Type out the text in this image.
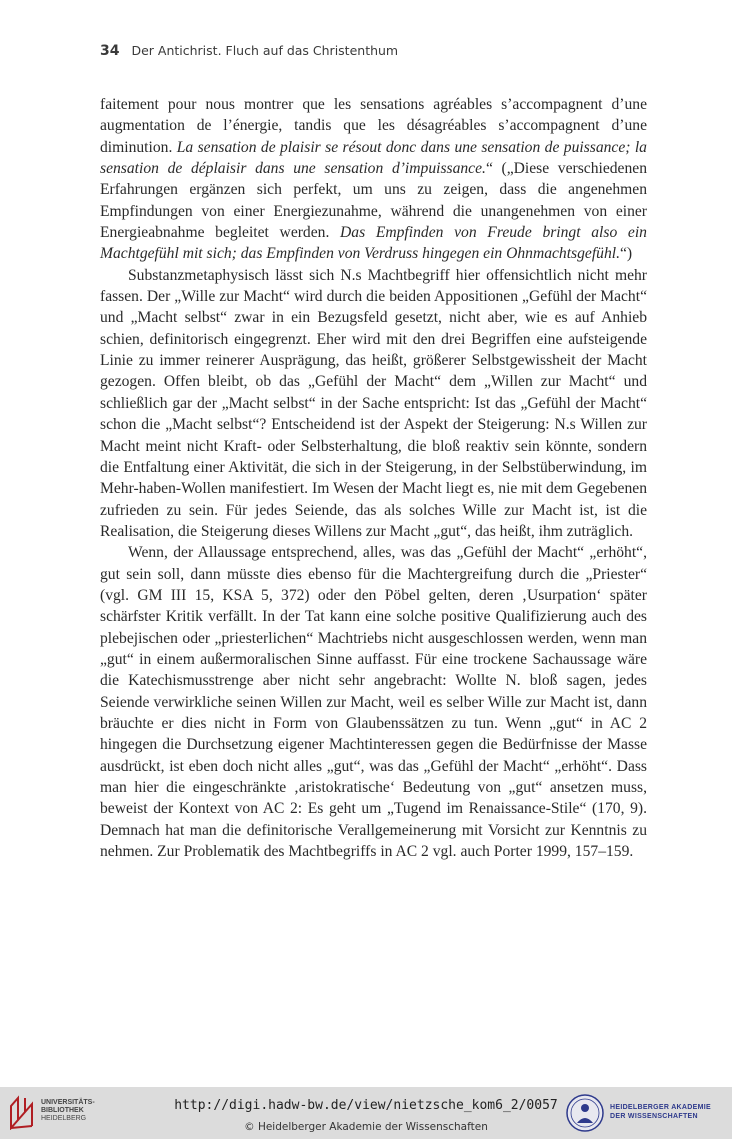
34 Der Antichrist. Fluch auf das Christenthum

faitement pour nous montrer que les sensations agréables s’accompagnent d’une augmentation de l’énergie, tandis que les désagréables s’accompagnent d’une diminution. La sensation de plaisir se résout donc dans une sensation de puissance; la sensation de déplaisir dans une sensation d’impuissance.“ („Diese verschiedenen Erfahrungen ergänzen sich perfekt, um uns zu zeigen, dass die angenehmen Empfindungen von einer Energiezunahme, während die unangenehmen von einer Energieabnahme begleitet werden. Das Empfinden von Freude bringt also ein Machtgefühl mit sich; das Empfinden von Verdruss hingegen ein Ohnmachtsgefühl.“)

Substanzmetaphysisch lässt sich N.s Machtbegriff hier offensichtlich nicht mehr fassen. Der „Wille zur Macht“ wird durch die beiden Appositionen „Gefühl der Macht“ und „Macht selbst“ zwar in ein Bezugsfeld gesetzt, nicht aber, wie es auf Anhieb schien, definitorisch eingegrenzt. Eher wird mit den drei Begriffen eine aufsteigende Linie zu immer reinerer Ausprägung, das heißt, größerer Selbstgewissheit der Macht gezogen. Offen bleibt, ob das „Gefühl der Macht“ dem „Willen zur Macht“ und schließlich gar der „Macht selbst“ in der Sache entspricht: Ist das „Gefühl der Macht“ schon die „Macht selbst“? Entscheidend ist der Aspekt der Steigerung: N.s Willen zur Macht meint nicht Kraft- oder Selbsterhaltung, die bloß reaktiv sein könnte, sondern die Entfaltung einer Aktivität, die sich in der Steigerung, in der Selbstüberwindung, im Mehr-haben-Wollen manifestiert. Im Wesen der Macht liegt es, nie mit dem Gegebenen zufrieden zu sein. Für jedes Seiende, das als solches Wille zur Macht ist, ist die Realisation, die Steigerung dieses Willens zur Macht „gut“, das heißt, ihm zuträglich.

Wenn, der Allaussage entsprechend, alles, was das „Gefühl der Macht“ „erhöht“, gut sein soll, dann müsste dies ebenso für die Machtergreifung durch die „Priester“ (vgl. GM III 15, KSA 5, 372) oder den Pöbel gelten, deren ‚Usurpation‘ später schärfster Kritik verfällt. In der Tat kann eine solche positive Qualifizierung auch des plebejischen oder „priesterlichen“ Machtriebs nicht ausgeschlossen werden, wenn man „gut“ in einem außermoralischen Sinne auffasst. Für eine trockene Sachaussage wäre die Katechismusstrenge aber nicht sehr angebracht: Wollte N. bloß sagen, jedes Seiende verwirkliche seinen Willen zur Macht, weil es selber Wille zur Macht ist, dann bräuchte er dies nicht in Form von Glaubenssätzen zu tun. Wenn „gut“ in AC 2 hingegen die Durchsetzung eigener Machtinteressen gegen die Bedürfnisse der Masse ausdrückt, ist eben doch nicht alles „gut“, was das „Gefühl der Macht“ „erhöht“. Dass man hier die eingeschränkte ‚aristokratische‘ Bedeutung von „gut“ ansetzen muss, beweist der Kontext von AC 2: Es geht um „Tugend im Renaissance-Stile“ (170, 9). Demnach hat man die definitorische Verallgemeinerung mit Vorsicht zur Kenntnis zu nehmen. Zur Problematik des Machtbegriffs in AC 2 vgl. auch Porter 1999, 157–159.

UNIVERSITÄTS-
BIBLIOTHEK
HEIDELBERG
http://digi.hadw-bw.de/view/nietzsche_kom6_2/0057
© Heidelberger Akademie der Wissenschaften
HEIDELBERGER AKADEMIE
DER WISSENSCHAFTEN
